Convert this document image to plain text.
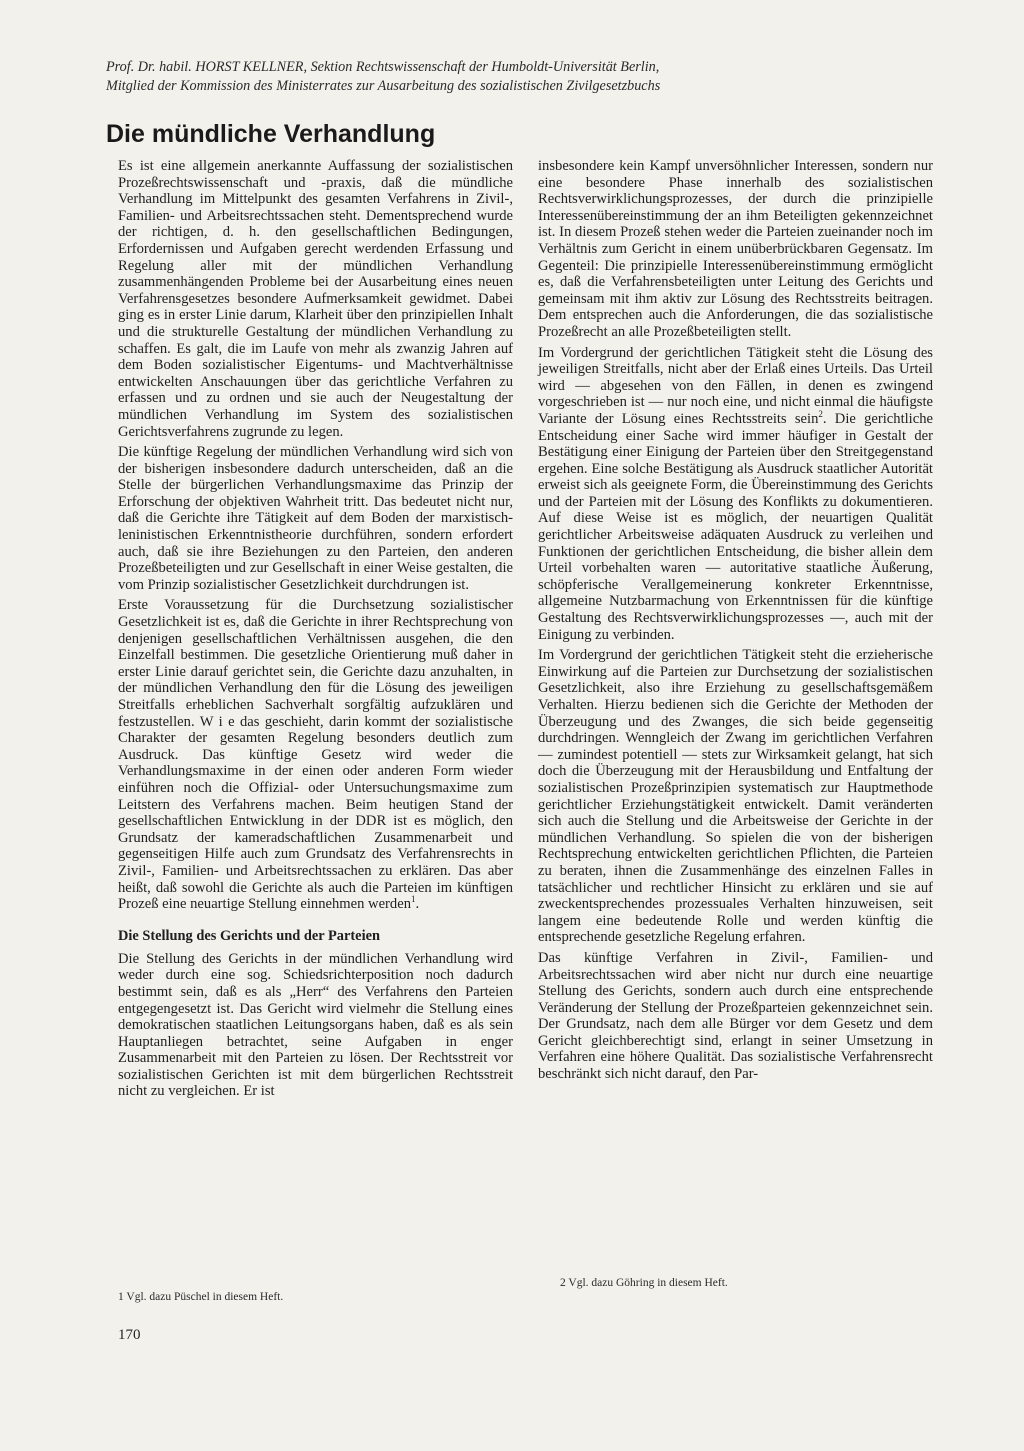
Prof. Dr. habil. HORST KELLNER, Sektion Rechtswissenschaft der Humboldt-Universität Berlin,
Mitglied der Kommission des Ministerrates zur Ausarbeitung des sozialistischen Zivilgesetzbuchs
Die mündliche Verhandlung

Es ist eine allgemein anerkannte Auffassung der sozialistischen Prozeßrechtswissenschaft und -praxis, daß die mündliche Verhandlung im Mittelpunkt des gesamten Verfahrens in Zivil-, Familien- und Arbeitsrechtssachen steht. Dementsprechend wurde der richtigen, d. h. den gesellschaftlichen Bedingungen, Erfordernissen und Aufgaben gerecht werdenden Erfassung und Regelung aller mit der mündlichen Verhandlung zusammenhängenden Probleme bei der Ausarbeitung eines neuen Verfahrensgesetzes besondere Aufmerksamkeit gewidmet. Dabei ging es in erster Linie darum, Klarheit über den prinzipiellen Inhalt und die strukturelle Gestaltung der mündlichen Verhandlung zu schaffen. Es galt, die im Laufe von mehr als zwanzig Jahren auf dem Boden sozialistischer Eigentums- und Machtverhältnisse entwickelten Anschauungen über das gerichtliche Verfahren zu erfassen und zu ordnen und sie auch der Neugestaltung der mündlichen Verhandlung im System des sozialistischen Gerichtsverfahrens zugrunde zu legen.

Die künftige Regelung der mündlichen Verhandlung wird sich von der bisherigen insbesondere dadurch unterscheiden, daß an die Stelle der bürgerlichen Verhandlungsmaxime das Prinzip der Erforschung der objektiven Wahrheit tritt. Das bedeutet nicht nur, daß die Gerichte ihre Tätigkeit auf dem Boden der marxistisch-leninistischen Erkenntnistheorie durchführen, sondern erfordert auch, daß sie ihre Beziehungen zu den Parteien, den anderen Prozeßbeteiligten und zur Gesellschaft in einer Weise gestalten, die vom Prinzip sozialistischer Gesetzlichkeit durchdrungen ist.

Erste Voraussetzung für die Durchsetzung sozialistischer Gesetzlichkeit ist es, daß die Gerichte in ihrer Rechtsprechung von denjenigen gesellschaftlichen Verhältnissen ausgehen, die den Einzelfall bestimmen. Die gesetzliche Orientierung muß daher in erster Linie darauf gerichtet sein, die Gerichte dazu anzuhalten, in der mündlichen Verhandlung den für die Lösung des jeweiligen Streitfalls erheblichen Sachverhalt sorgfältig aufzuklären und festzustellen. W i e das geschieht, darin kommt der sozialistische Charakter der gesamten Regelung besonders deutlich zum Ausdruck. Das künftige Gesetz wird weder die Verhandlungsmaxime in der einen oder anderen Form wieder einführen noch die Offizial- oder Untersuchungsmaxime zum Leitstern des Verfahrens machen. Beim heutigen Stand der gesellschaftlichen Entwicklung in der DDR ist es möglich, den Grundsatz der kameradschaftlichen Zusammenarbeit und gegenseitigen Hilfe auch zum Grundsatz des Verfahrensrechts in Zivil-, Familien- und Arbeitsrechtssachen zu erklären. Das aber heißt, daß sowohl die Gerichte als auch die Parteien im künftigen Prozeß eine neuartige Stellung einnehmen werden$^1$.

Die Stellung des Gerichts und der Parteien

Die Stellung des Gerichts in der mündlichen Verhandlung wird weder durch eine sog. Schiedsrichterposition noch dadurch bestimmt sein, daß es als „Herr“ des Verfahrens den Parteien entgegengesetzt ist. Das Gericht wird vielmehr die Stellung eines demokratischen staatlichen Leitungsorgans haben, daß es als sein Hauptanliegen betrachtet, seine Aufgaben in enger Zusammenarbeit mit den Parteien zu lösen. Der Rechtsstreit vor sozialistischen Gerichten ist mit dem bürgerlichen Rechtsstreit nicht zu vergleichen. Er ist

insbesondere kein Kampf unversöhnlicher Interessen, sondern nur eine besondere Phase innerhalb des sozialistischen Rechtsverwirklichungsprozesses, der durch die prinzipielle Interessenübereinstimmung der an ihm Beteiligten gekennzeichnet ist. In diesem Prozeß stehen weder die Parteien zueinander noch im Verhältnis zum Gericht in einem unüberbrückbaren Gegensatz. Im Gegenteil: Die prinzipielle Interessenübereinstimmung ermöglicht es, daß die Verfahrensbeteiligten unter Leitung des Gerichts und gemeinsam mit ihm aktiv zur Lösung des Rechtsstreits beitragen. Dem entsprechen auch die Anforderungen, die das sozialistische Prozeßrecht an alle Prozeßbeteiligten stellt.

Im Vordergrund der gerichtlichen Tätigkeit steht die Lösung des jeweiligen Streitfalls, nicht aber der Erlaß eines Urteils. Das Urteil wird — abgesehen von den Fällen, in denen es zwingend vorgeschrieben ist — nur noch eine, und nicht einmal die häufigste Variante der Lösung eines Rechtsstreits sein$^2$. Die gerichtliche Entscheidung einer Sache wird immer häufiger in Gestalt der Bestätigung einer Einigung der Parteien über den Streitgegenstand ergehen. Eine solche Bestätigung als Ausdruck staatlicher Autorität erweist sich als geeignete Form, die Übereinstimmung des Gerichts und der Parteien mit der Lösung des Konflikts zu dokumentieren. Auf diese Weise ist es möglich, der neuartigen Qualität gerichtlicher Arbeitsweise adäquaten Ausdruck zu verleihen und Funktionen der gerichtlichen Entscheidung, die bisher allein dem Urteil vorbehalten waren — autoritative staatliche Äußerung, schöpferische Verallgemeinerung konkreter Erkenntnisse, allgemeine Nutzbarmachung von Erkenntnissen für die künftige Gestaltung des Rechtsverwirklichungsprozesses —, auch mit der Einigung zu verbinden.

Im Vordergrund der gerichtlichen Tätigkeit steht die erzieherische Einwirkung auf die Parteien zur Durchsetzung der sozialistischen Gesetzlichkeit, also ihre Erziehung zu gesellschaftsgemäßem Verhalten. Hierzu bedienen sich die Gerichte der Methoden der Überzeugung und des Zwanges, die sich beide gegenseitig durchdringen. Wenngleich der Zwang im gerichtlichen Verfahren — zumindest potentiell — stets zur Wirksamkeit gelangt, hat sich doch die Überzeugung mit der Herausbildung und Entfaltung der sozialistischen Prozeßprinzipien systematisch zur Hauptmethode gerichtlicher Erziehungstätigkeit entwickelt. Damit veränderten sich auch die Stellung und die Arbeitsweise der Gerichte in der mündlichen Verhandlung. So spielen die von der bisherigen Rechtsprechung entwickelten gerichtlichen Pflichten, die Parteien zu beraten, ihnen die Zusammenhänge des einzelnen Falles in tatsächlicher und rechtlicher Hinsicht zu erklären und sie auf zweckentsprechendes prozessuales Verhalten hinzuweisen, seit langem eine bedeutende Rolle und werden künftig die entsprechende gesetzliche Regelung erfahren.

Das künftige Verfahren in Zivil-, Familien- und Arbeitsrechtssachen wird aber nicht nur durch eine neuartige Stellung des Gerichts, sondern auch durch eine entsprechende Veränderung der Stellung der Prozeßparteien gekennzeichnet sein. Der Grundsatz, nach dem alle Bürger vor dem Gesetz und dem Gericht gleichberechtigt sind, erlangt in seiner Umsetzung in Verfahren eine höhere Qualität. Das sozialistische Verfahrensrecht beschränkt sich nicht darauf, den Par-

1 Vgl. dazu Püschel in diesem Heft.
2 Vgl. dazu Göhring in diesem Heft.
170
